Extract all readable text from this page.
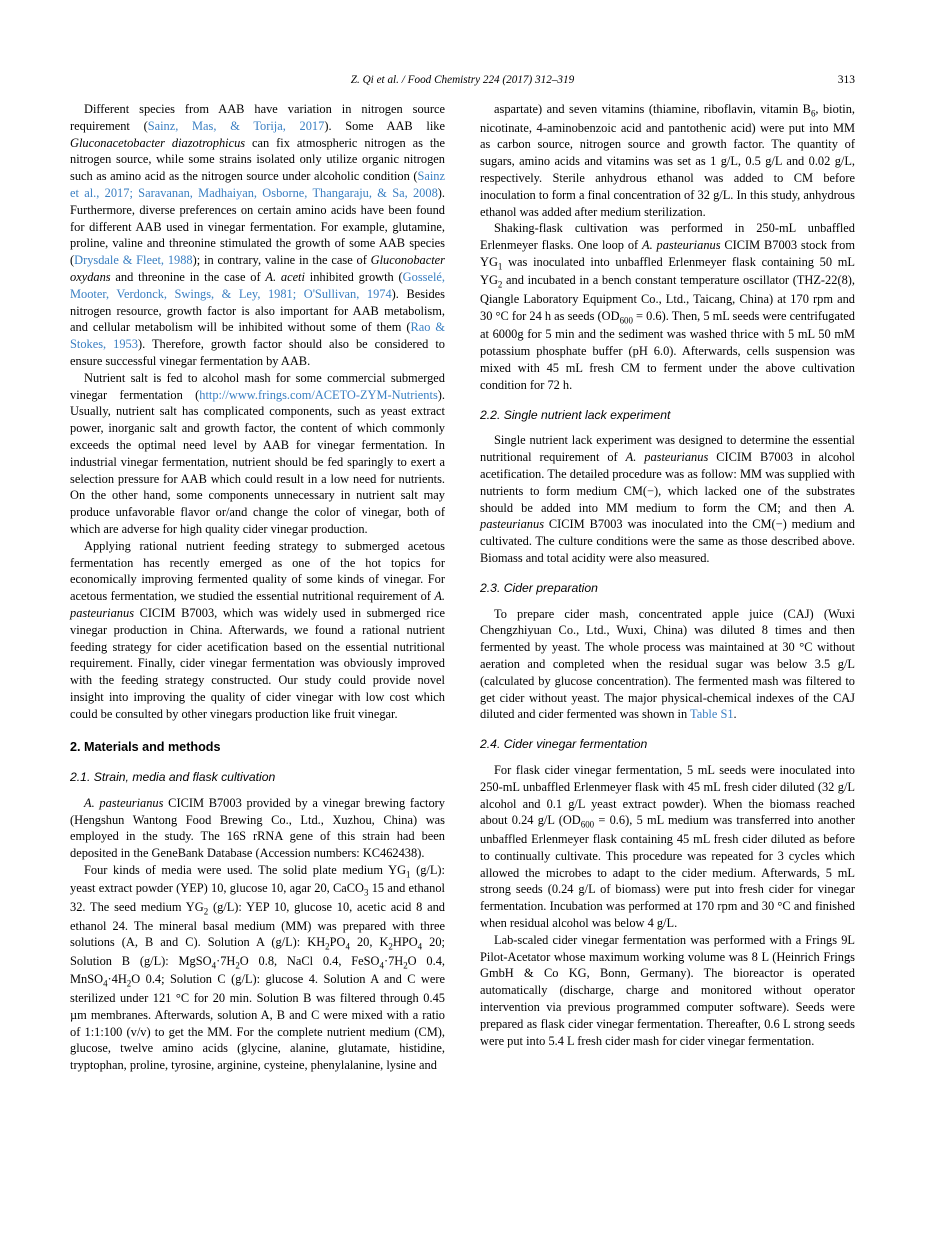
Z. Qi et al. / Food Chemistry 224 (2017) 312–319	313

Different species from AAB have variation in nitrogen source requirement (Sainz, Mas, & Torija, 2017). Some AAB like Gluconacetobacter diazotrophicus can fix atmospheric nitrogen as the nitrogen source, while some strains isolated only utilize organic nitrogen such as amino acid as the nitrogen source under alcoholic condition (Sainz et al., 2017; Saravanan, Madhaiyan, Osborne, Thangaraju, & Sa, 2008). Furthermore, diverse preferences on certain amino acids have been found for different AAB used in vinegar fermentation. For example, glutamine, proline, valine and threonine stimulated the growth of some AAB species (Drysdale & Fleet, 1988); in contrary, valine in the case of Gluconobacter oxydans and threonine in the case of A. aceti inhibited growth (Gosselé, Mooter, Verdonck, Swings, & Ley, 1981; O'Sullivan, 1974). Besides nitrogen resource, growth factor is also important for AAB metabolism, and cellular metabolism will be inhibited without some of them (Rao & Stokes, 1953). Therefore, growth factor should also be considered to ensure successful vinegar fermentation by AAB.

Nutrient salt is fed to alcohol mash for some commercial submerged vinegar fermentation (http://www.frings.com/ACETO-ZYM-Nutrients). Usually, nutrient salt has complicated components, such as yeast extract power, inorganic salt and growth factor, the content of which commonly exceeds the optimal need level by AAB for vinegar fermentation. In industrial vinegar fermentation, nutrient should be fed sparingly to exert a selection pressure for AAB which could result in a low need for nutrients. On the other hand, some components unnecessary in nutrient salt may produce unfavorable flavor or/and change the color of vinegar, both of which are adverse for high quality cider vinegar production.

Applying rational nutrient feeding strategy to submerged acetous fermentation has recently emerged as one of the hot topics for economically improving fermented quality of some kinds of vinegar. For acetous fermentation, we studied the essential nutritional requirement of A. pasteurianus CICIM B7003, which was widely used in submerged rice vinegar production in China. Afterwards, we found a rational nutrient feeding strategy for cider acetification based on the essential nutritional requirement. Finally, cider vinegar fermentation was obviously improved with the feeding strategy constructed. Our study could provide novel insight into improving the quality of cider vinegar with low cost which could be consulted by other vinegars production like fruit vinegar.

2. Materials and methods
2.1. Strain, media and flask cultivation

A. pasteurianus CICIM B7003 provided by a vinegar brewing factory (Hengshun Wantong Food Brewing Co., Ltd., Xuzhou, China) was employed in the study. The 16S rRNA gene of this strain had been deposited in the GeneBank Database (Accession numbers: KC462438).

Four kinds of media were used. The solid plate medium $YG_1$ (g/L): yeast extract powder (YEP) 10, glucose 10, agar 20, CaCO$_3$ 15 and ethanol 32. The seed medium $YG_2$ (g/L): YEP 10, glucose 10, acetic acid 8 and ethanol 24. The mineral basal medium (MM) was prepared with three solutions (A, B and C). Solution A (g/L): $KH_2PO_4$ 20, $K_2HPO_4$ 20; Solution B (g/L): $MgSO_4\cdot 7H_2O$ 0.8, NaCl 0.4, $FeSO_4\cdot 7H_2O$ 0.4, $MnSO_4\cdot 4H_2O$ 0.4; Solution C (g/L): glucose 4. Solution A and C were sterilized under 121 °C for 20 min. Solution B was filtered through 0.45 µm membranes. Afterwards, solution A, B and C were mixed with a ratio of 1:1:100 (v/v) to get the MM. For the complete nutrient medium (CM), glucose, twelve amino acids (glycine, alanine, glutamate, histidine, tryptophan, proline, tyrosine, arginine, cysteine, phenylalanine, lysine and

aspartate) and seven vitamins (thiamine, riboflavin, vitamin $B_6$, biotin, nicotinate, 4-aminobenzoic acid and pantothenic acid) were put into MM as carbon source, nitrogen source and growth factor. The quantity of sugars, amino acids and vitamins was set as 1 g/L, 0.5 g/L and 0.02 g/L, respectively. Sterile anhydrous ethanol was added to CM before inoculation to form a final concentration of 32 g/L. In this study, anhydrous ethanol was added after medium sterilization.

Shaking-flask cultivation was performed in 250-mL unbaffled Erlenmeyer flasks. One loop of A. pasteurianus CICIM B7003 stock from $YG_1$ was inoculated into unbaffled Erlenmeyer flask containing 50 mL $YG_2$ and incubated in a bench constant temperature oscillator (THZ-22(8), Qiangle Laboratory Equipment Co., Ltd., Taicang, China) at 170 rpm and 30 °C for 24 h as seeds $(OD_{600} = 0.6)$. Then, 5 mL seeds were centrifugated at 6000g for 5 min and the sediment was washed thrice with 5 mL 50 mM potassium phosphate buffer (pH 6.0). Afterwards, cells suspension was mixed with 45 mL fresh CM to ferment under the above cultivation condition for 72 h.

2.2. Single nutrient lack experiment

Single nutrient lack experiment was designed to determine the essential nutritional requirement of A. pasteurianus CICIM B7003 in alcohol acetification. The detailed procedure was as follow: MM was supplied with nutrients to form medium CM(−), which lacked one of the substrates should be added into MM medium to form the CM; and then A. pasteurianus CICIM B7003 was inoculated into the CM(−) medium and cultivated. The culture conditions were the same as those described above. Biomass and total acidity were also measured.

2.3. Cider preparation

To prepare cider mash, concentrated apple juice (CAJ) (Wuxi Chengzhiyuan Co., Ltd., Wuxi, China) was diluted 8 times and then fermented by yeast. The whole process was maintained at 30 °C without aeration and completed when the residual sugar was below 3.5 g/L (calculated by glucose concentration). The fermented mash was filtered to get cider without yeast. The major physical-chemical indexes of the CAJ diluted and cider fermented was shown in Table S1.

2.4. Cider vinegar fermentation

For flask cider vinegar fermentation, 5 mL seeds were inoculated into 250-mL unbaffled Erlenmeyer flask with 45 mL fresh cider diluted (32 g/L alcohol and 0.1 g/L yeast extract powder). When the biomass reached about 0.24 g/L $(OD_{600} = 0.6)$, 5 mL medium was transferred into another unbaffled Erlenmeyer flask containing 45 mL fresh cider diluted as before to continually cultivate. This procedure was repeated for 3 cycles which allowed the microbes to adapt to the cider medium. Afterwards, 5 mL strong seeds (0.24 g/L of biomass) were put into fresh cider for vinegar fermentation. Incubation was performed at 170 rpm and 30 °C and finished when residual alcohol was below 4 g/L.

Lab-scaled cider vinegar fermentation was performed with a Frings 9L Pilot-Acetator whose maximum working volume was 8 L (Heinrich Frings GmbH & Co KG, Bonn, Germany). The bioreactor is operated automatically (discharge, charge and monitored without operator intervention via previous programmed computer software). Seeds were prepared as flask cider vinegar fermentation. Thereafter, 0.6 L strong seeds were put into 5.4 L fresh cider mash for cider vinegar fermentation.
